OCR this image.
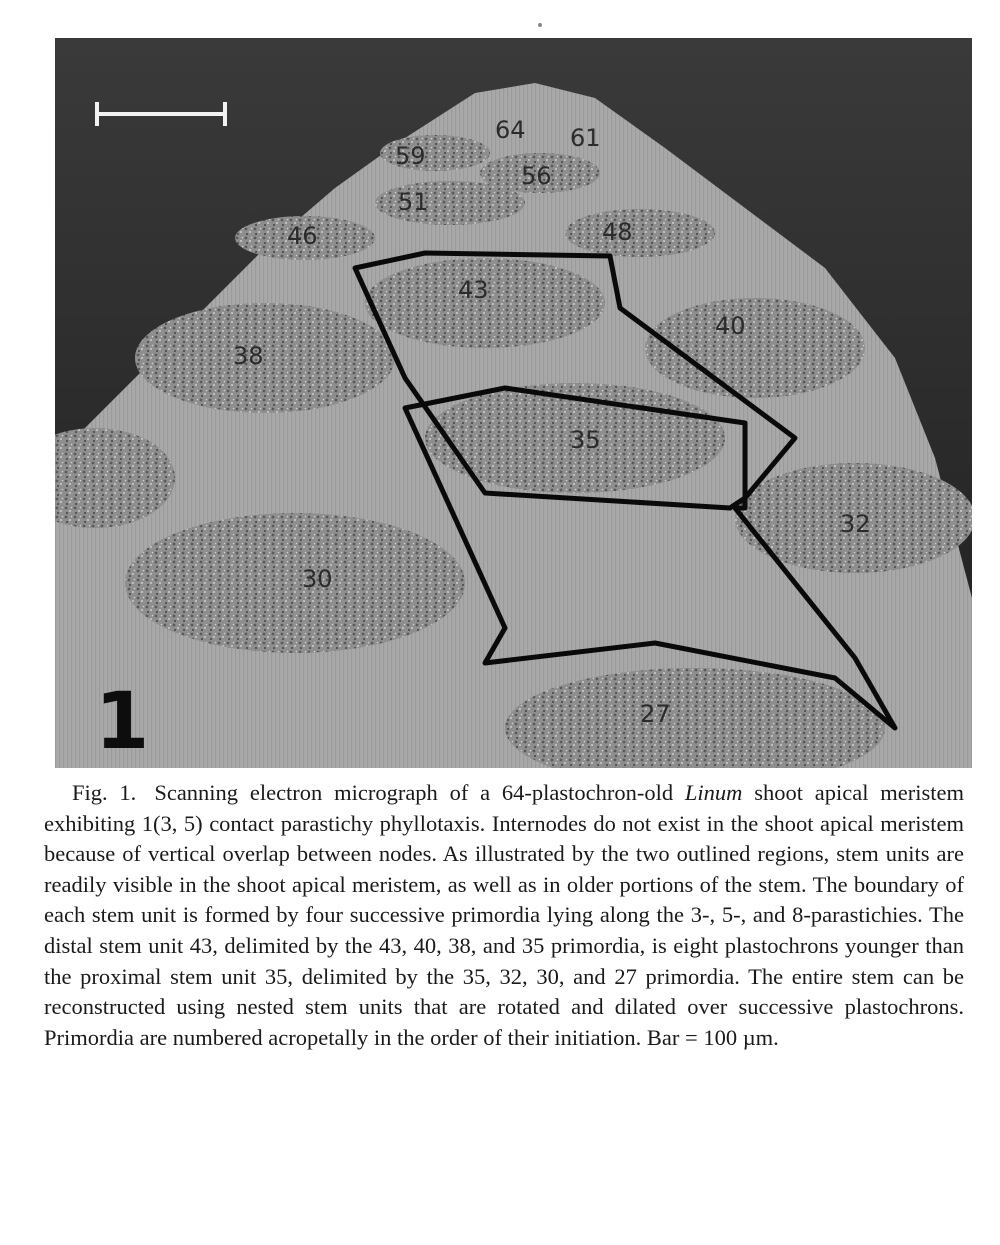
64 61
59
56
51
46	48
43
40
38
35
32
30
27
1

Fig. 1. Scanning electron micrograph of a 64-plastochron-old Linum shoot apical meristem exhibiting 1(3, 5) contact parastichy phyllotaxis. Internodes do not exist in the shoot apical meristem because of vertical overlap between nodes. As illustrated by the two outlined regions, stem units are readily visible in the shoot apical meristem, as well as in older portions of the stem. The boundary of each stem unit is formed by four successive primordia lying along the 3-, 5-, and 8-parastichies. The distal stem unit 43, delimited by the 43, 40, 38, and 35 primordia, is eight plastochrons younger than the proximal stem unit 35, delimited by the 35, 32, 30, and 27 primordia. The entire stem can be reconstructed using nested stem units that are rotated and dilated over successive plastochrons. Primordia are numbered acropetally in the order of their initiation. Bar = 100 µm.
